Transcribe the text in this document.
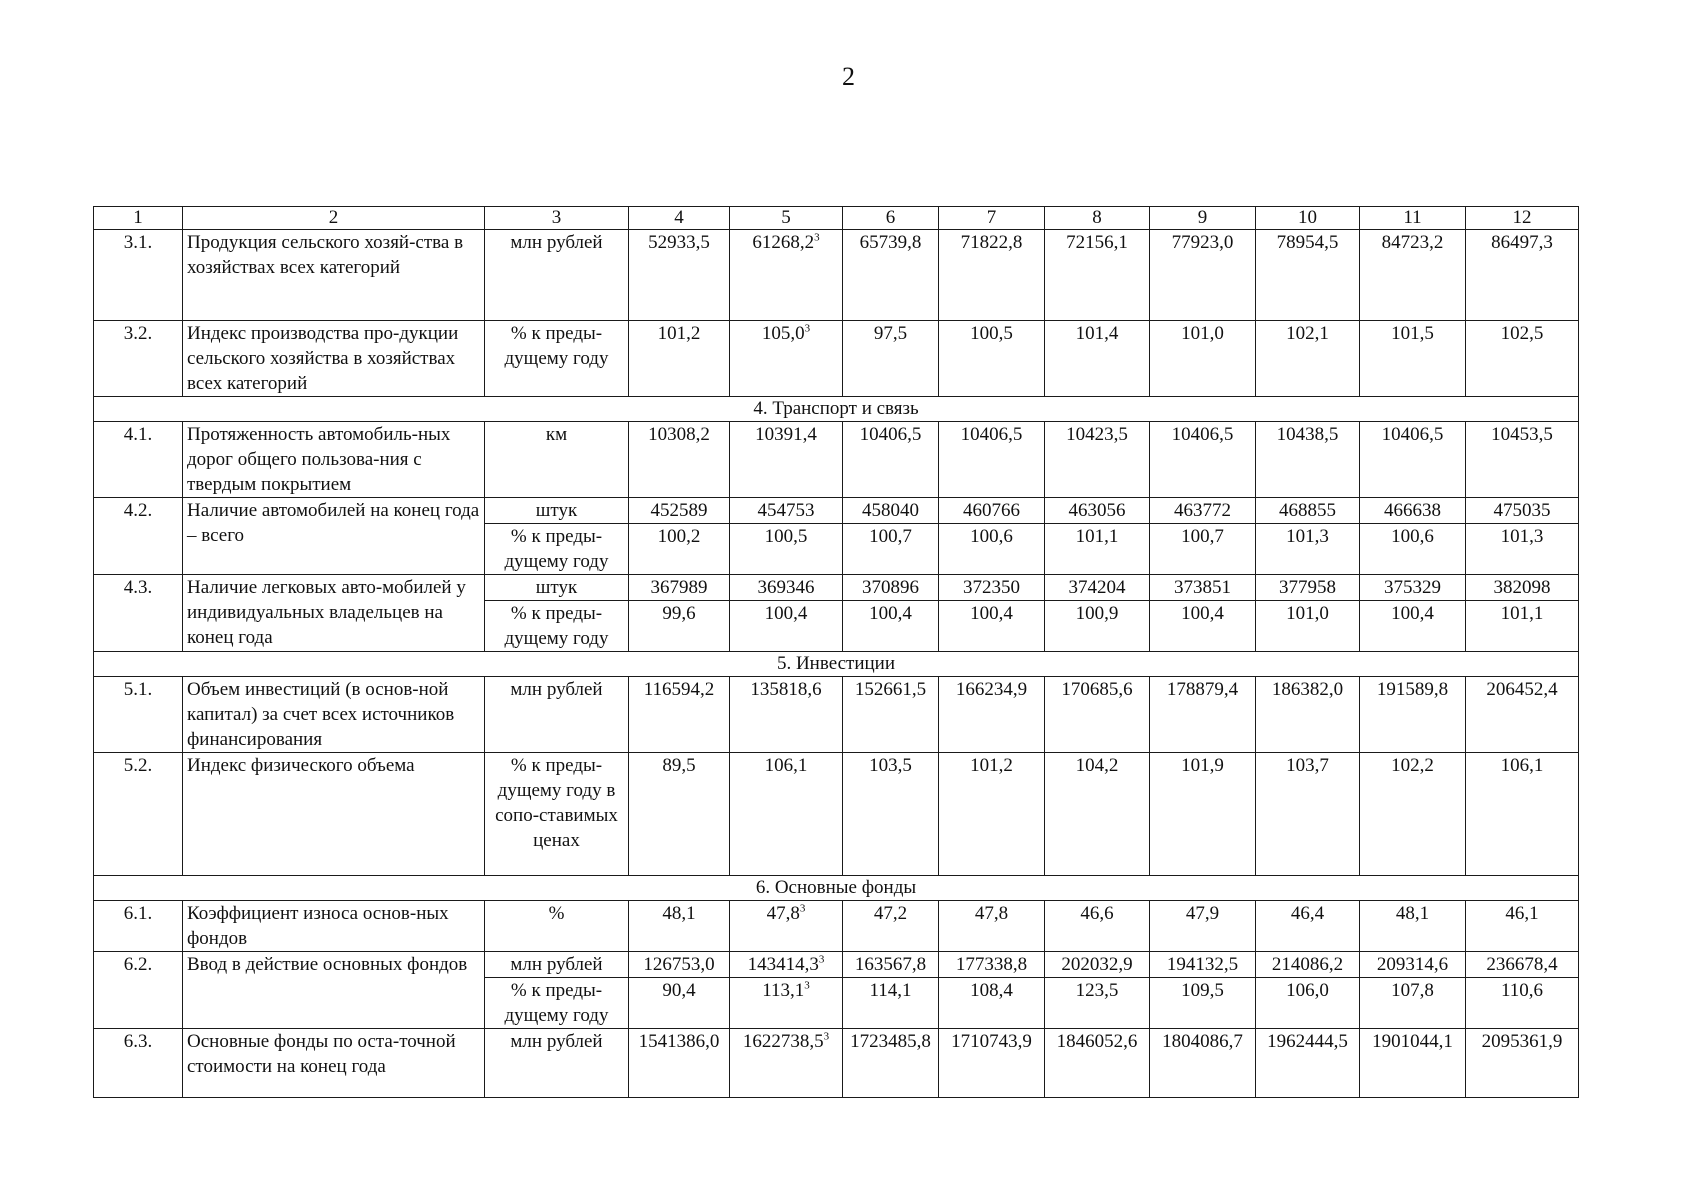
2
1	2	3	4	5	6	7	8	9	10	11	12
3.1.	Продукция сельского хозяй-ства в хозяйствах всех категорий	млн рублей	52933,5	61268,2$^3$	65739,8	71822,8	72156,1	77923,0	78954,5	84723,2	86497,3
3.2.	Индекс производства про-дукции сельского хозяйства в хозяйствах всех категорий	% к преды-дущему году	101,2	105,0$^3$	97,5	100,5	101,4	101,0	102,1	101,5	102,5
4. Транспорт и связь											
4.1.	Протяженность автомобиль-ных дорог общего пользова-ния с твердым покрытием	км	10308,2	10391,4	10406,5	10406,5	10423,5	10406,5	10438,5	10406,5	10453,5
4.2.	Наличие автомобилей на конец года – всего	штук	452589	454753	458040	460766	463056	463772	468855	466638	475035
		% к преды-дущему году	100,2	100,5	100,7	100,6	101,1	100,7	101,3	100,6	101,3
4.3.	Наличие легковых авто-мобилей у индивидуальных владельцев на конец года	штук	367989	369346	370896	372350	374204	373851	377958	375329	382098
		% к преды-дущему году	99,6	100,4	100,4	100,4	100,9	100,4	101,0	100,4	101,1
5. Инвестиции											
5.1.	Объем инвестиций (в основ-ной капитал) за счет всех источников финансирования	млн рублей	116594,2	135818,6	152661,5	166234,9	170685,6	178879,4	186382,0	191589,8	206452,4
5.2.	Индекс физического объема	% к преды-дущему году в сопо-ставимых ценах	89,5	106,1	103,5	101,2	104,2	101,9	103,7	102,2	106,1
6. Основные фонды											
6.1.	Коэффициент износа основ-ных фондов	%	48,1	47,8$^3$	47,2	47,8	46,6	47,9	46,4	48,1	46,1
6.2.	Ввод в действие основных фондов	млн рублей	126753,0	143414,3$^3$	163567,8	177338,8	202032,9	194132,5	214086,2	209314,6	236678,4
		% к преды-дущему году	90,4	113,1$^3$	114,1	108,4	123,5	109,5	106,0	107,8	110,6
6.3.	Основные фонды по оста-точной стоимости на конец года	млн рублей	1541386,0	1622738,5$^3$	1723485,8	1710743,9	1846052,6	1804086,7	1962444,5	1901044,1	2095361,9
